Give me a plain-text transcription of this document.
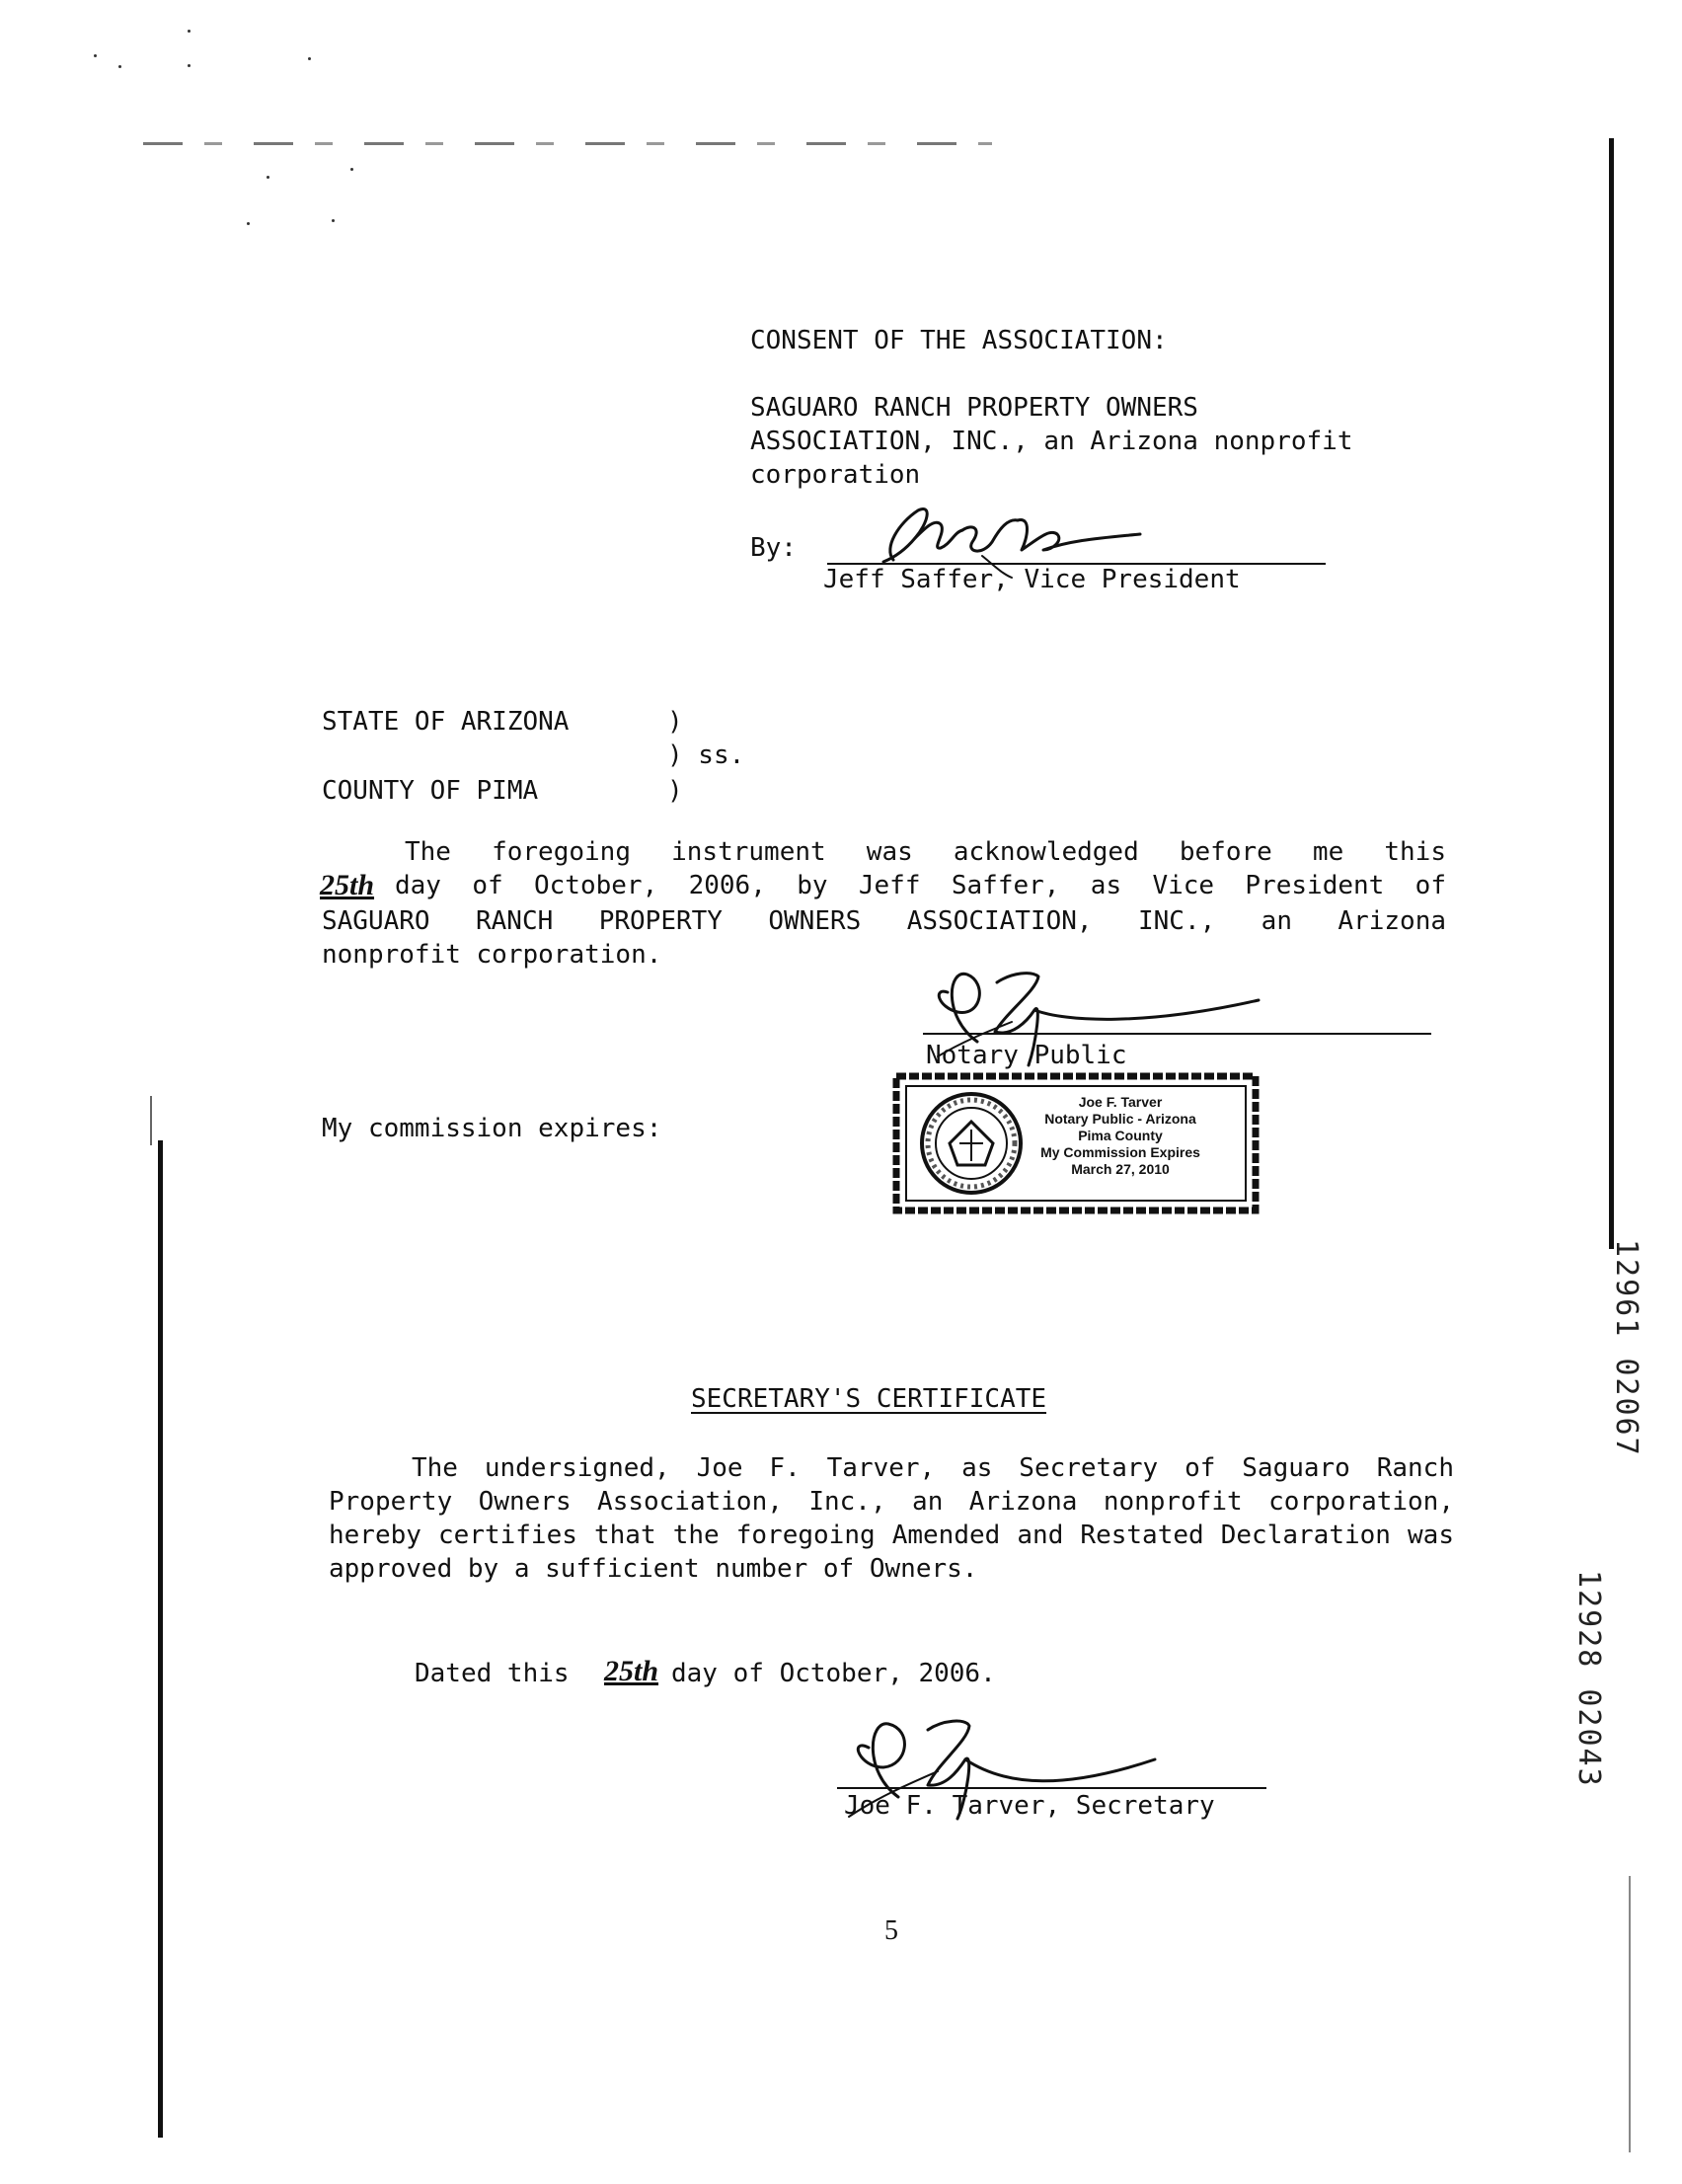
CONSENT OF THE ASSOCIATION:
SAGUARO RANCH PROPERTY OWNERS
ASSOCIATION, INC., an Arizona nonprofit
corporation
By:
Jeff Saffer, Vice President
STATE OF ARIZONA	)
) ss.
COUNTY OF PIMA	)
The foregoing instrument was acknowledged before me this
25th day of October, 2006, by Jeff Saffer, as Vice President of
SAGUARO RANCH PROPERTY OWNERS ASSOCIATION, INC., an Arizona
nonprofit corporation.
Notary Public
My commission expires:
Joe F. Tarver
Notary Public - Arizona
Pima County
My Commission Expires
March 27, 2010
SECRETARY'S CERTIFICATE
The undersigned, Joe F. Tarver, as Secretary of Saguaro Ranch Property Owners Association, Inc., an Arizona nonprofit corporation, hereby certifies that the foregoing Amended and Restated Declaration was approved by a sufficient number of Owners.
Dated this 25th day of October, 2006.
Joe F. Tarver, Secretary
5
12961 02067
12928 02043
